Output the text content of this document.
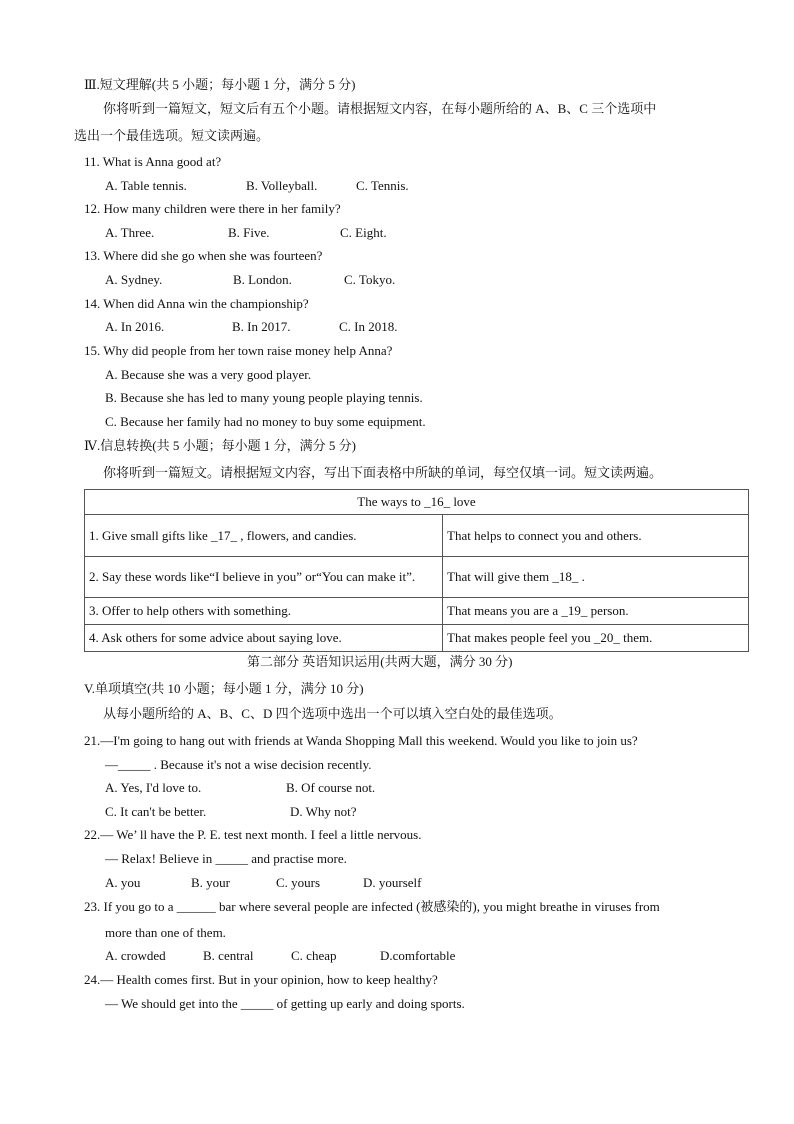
Ⅲ.短文理解(共 5 小题；每小题 1 分，满分 5 分)
你将听到一篇短文，短文后有五个小题。请根据短文内容，在每小题所给的 A、B、C 三个选项中
选出一个最佳选项。短文读两遍。
11. What is Anna good at?
A. Table tennis.	B. Volleyball.	C. Tennis.
12. How many children were there in her family?
A. Three.	B. Five.	C. Eight.
13. Where did she go when she was fourteen?
A. Sydney.	B. London.	C. Tokyo.
14. When did Anna win the championship?
A. In 2016.	B. In 2017.	C. In 2018.
15. Why did people from her town raise money help Anna?
A. Because she was a very good player.
B. Because she has led to many young people playing tennis.
C. Because her family had no money to buy some equipment.
Ⅳ.信息转换(共 5 小题；每小题 1 分，满分 5 分)
你将听到一篇短文。请根据短文内容，写出下面表格中所缺的单词，每空仅填一词。短文读两遍。
The ways to _16_ love	
1. Give small gifts like _17_ , flowers, and candies.	That helps to connect you and others.
2. Say these words like“I believe in you” or“You can make it”.	That will give them _18_ .
3. Offer to help others with something.	That means you are a _19_ person.
4. Ask others for some advice about saying love.	That makes people feel you _20_ them.
第二部分 英语知识运用(共两大题，满分 30 分)
V.单项填空(共 10 小题；每小题 1 分，满分 10 分)
从每小题所给的 A、B、C、D 四个选项中选出一个可以填入空白处的最佳选项。
21.—I'm going to hang out with friends at Wanda Shopping Mall this weekend. Would you like to join us?
—_____ . Because it's not a wise decision recently.
A. Yes, I'd love to.	B. Of course not.
C. It can't be better.	D. Why not?
22.— We’ ll have the P. E. test next month. I feel a little nervous.
— Relax! Believe in _____ and practise more.
A. you	B. your	C. yours	D. yourself
23. If you go to a ______ bar where several people are infected (被感染的), you might breathe in viruses from
more than one of them.
A. crowded	B. central	C. cheap	D.comfortable
24.— Health comes first. But in your opinion, how to keep healthy?
— We should get into the _____ of getting up early and doing sports.
